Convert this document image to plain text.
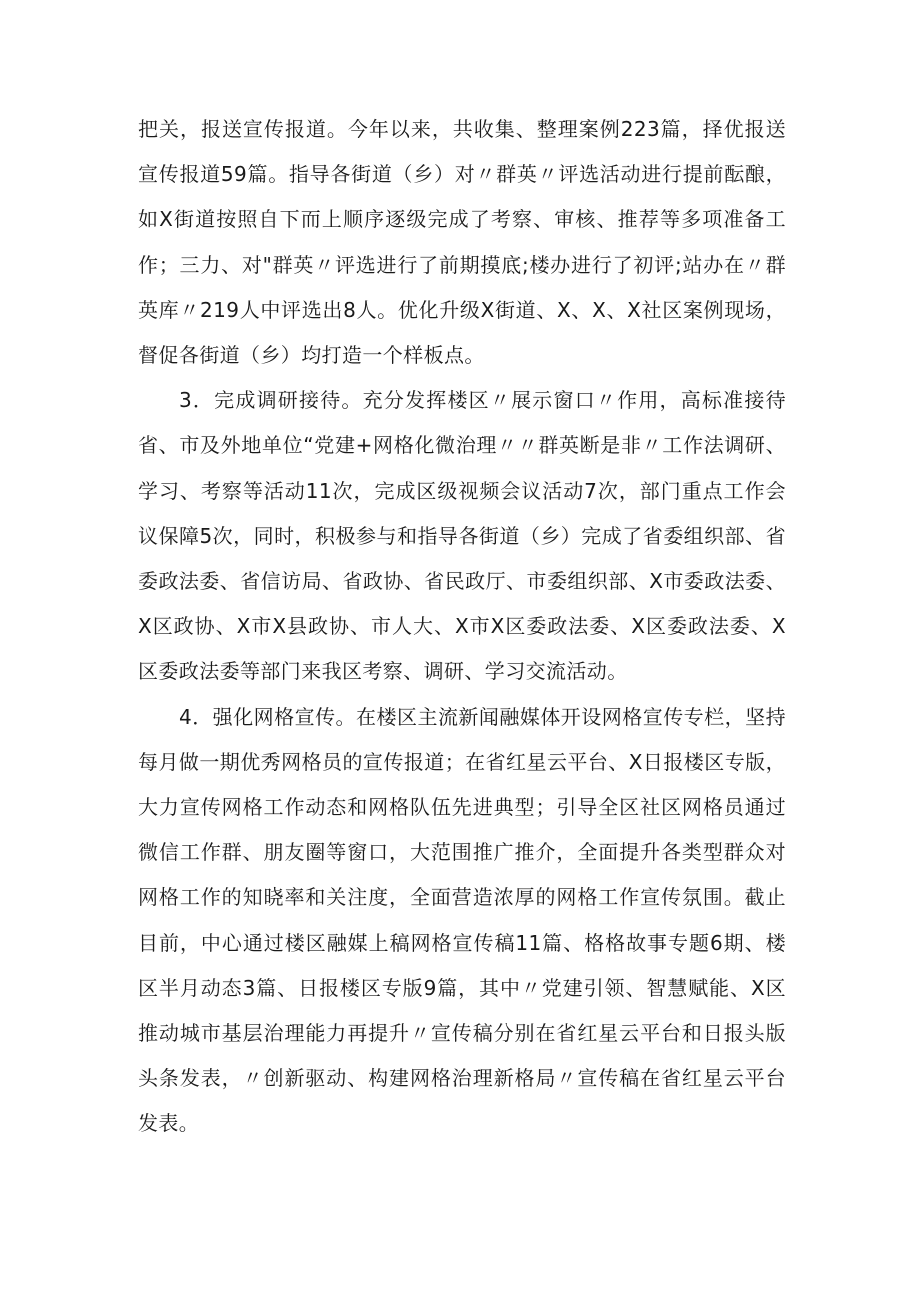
把关，报送宣传报道。今年以来，共收集、整理案例223篇，择优报送宣传报道59篇。指导各街道（乡）对〃群英〃评选活动进行提前酝酿，如X街道按照自下而上顺序逐级完成了考察、审核、推荐等多项准备工作；三力、对"群英〃评选进行了前期摸底;楼办进行了初评;站办在〃群英库〃219人中评选出8人。优化升级X街道、X、X、X社区案例现场，督促各街道（乡）均打造一个样板点。

3．完成调研接待。充分发挥楼区〃展示窗口〃作用，高标准接待省、市及外地单位“党建+网格化微治理〃〃群英断是非〃工作法调研、学习、考察等活动11次，完成区级视频会议活动7次，部门重点工作会议保障5次，同时，积极参与和指导各街道（乡）完成了省委组织部、省委政法委、省信访局、省政协、省民政厅、市委组织部、X市委政法委、X区政协、X市X县政协、市人大、X市X区委政法委、X区委政法委、X区委政法委等部门来我区考察、调研、学习交流活动。

4．强化网格宣传。在楼区主流新闻融媒体开设网格宣传专栏，坚持每月做一期优秀网格员的宣传报道；在省红星云平台、X日报楼区专版，大力宣传网格工作动态和网格队伍先进典型；引导全区社区网格员通过微信工作群、朋友圈等窗口，大范围推广推介，全面提升各类型群众对网格工作的知晓率和关注度，全面营造浓厚的网格工作宣传氛围。截止目前，中心通过楼区融媒上稿网格宣传稿11篇、格格故事专题6期、楼区半月动态3篇、日报楼区专版9篇，其中〃党建引领、智慧赋能、X区推动城市基层治理能力再提升〃宣传稿分别在省红星云平台和日报头版头条发表，〃创新驱动、构建网格治理新格局〃宣传稿在省红星云平台发表。
